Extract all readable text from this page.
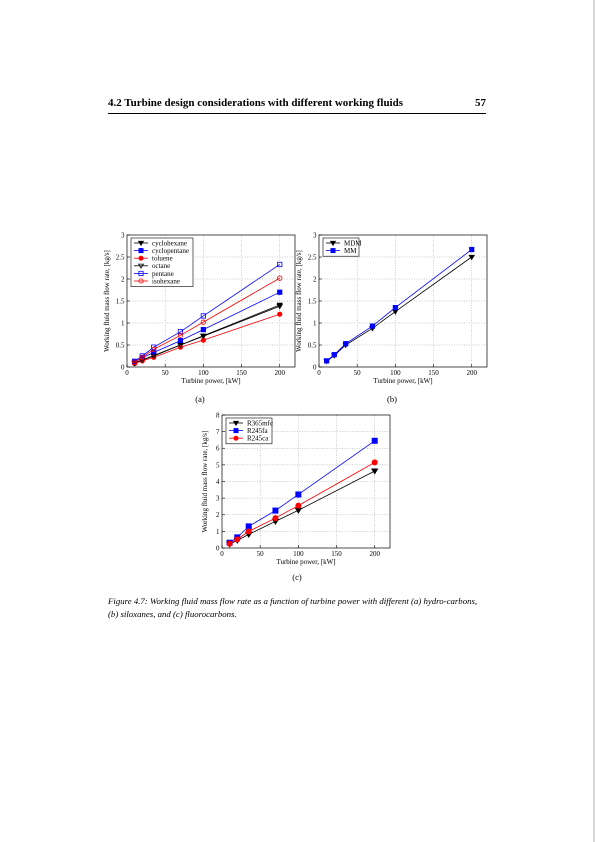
4.2 Turbine design considerations with different working fluids	57
0	50	100	150	200
0
0.5
1
1.5
2
2.5
3
Turbine power, [kW]
Working fluid mass flow rate, [kg/s]
cyclohexane
cyclopentane
toluene
octane
pentane
isohexane
(a)
0	50	100	150	200
0
0.5
1
1.5
2
2.5
3
Turbine power, [kW]
Working fluid mass flow rate, [kg/s]
MDM
MM
(b)
0	50	100	150	200
0
1
2
3
4
5
6
7
8
Turbine power, [kW]
Working fluid mass flow rate, [kg/s]
R365mfc
R245fa
R245ca
(c)
Figure 4.7: Working fluid mass flow rate as a function of turbine power with different (a) hydro-carbons, (b) siloxanes, and (c) fluorocarbons.
